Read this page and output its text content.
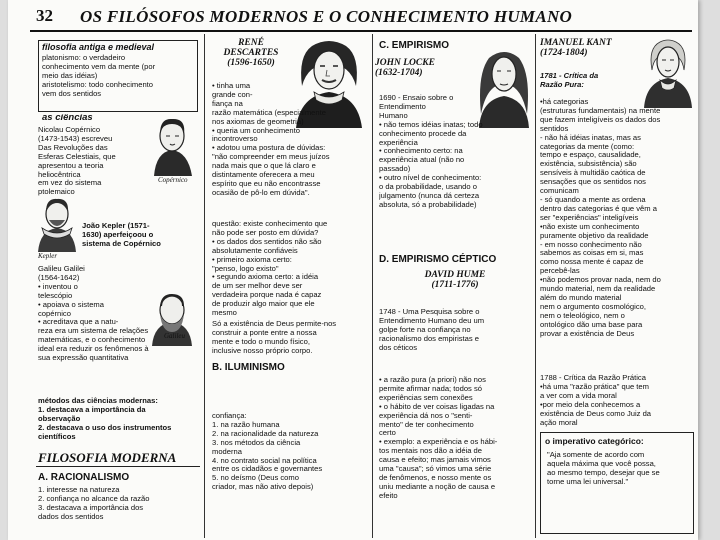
32 OS FILÓSOFOS MODERNOS E O CONHECIMENTO HUMANO
filosofia antiga e medieval
platonismo: o verdadeiro
conhecimento vem da mente (por
meio das idéias)
aristotelismo: todo conhecimento
vem dos sentidos
as ciências
Nicolau Copérnico
(1473-1543) escreveu
Das Revoluções das
Esferas Celestiais, que
apresentou a teoria
heliocêntrica
em vez do sistema
ptolemaico
Copérnico
Kepler
João Kepler (1571-
1630) aperfeiçoou o
sistema de Copérnico
Galileu Galilei
(1564-1642)
• inventou o
telescópio
• apoiava o sistema
copérnico
• acreditava que a natu-
reza era um sistema de relações
matemáticas, e o conhecimento
ideal era reduzir os fenômenos à
sua expressão quantitativa
Galileu

métodos das ciências modernas:
1. destacava a importância da
observação
2. destacava o uso dos instrumentos
científicos

FILOSOFIA MODERNA
A. RACIONALISMO
1. interesse na natureza
2. confiança no alcance da razão
3. destacava a importância dos
dados dos sentidos
RENÉ
DESCARTES
(1596-1650)
• tinha uma
grande con-
fiança na
razão matemática (especialmente
nos axiomas de geometria)
• queria um conhecimento
incontroverso
• adotou uma postura de dúvidas:
"não compreender em meus juízos
nada mais que o que lá claro e
distintamente oferecera a meu
espírito que eu não encontrasse
ocasião de pô-lo em dúvida".
questão: existe conhecimento que
não pode ser posto em dúvida?
• os dados dos sentidos não são
absolutamente confiáveis
• primeiro axioma certo:
"penso, logo existo"
• segundo axioma certo: a idéia
de um ser melhor deve ser
verdadeira porque nada é capaz
de produzir algo maior que ele
mesmo
Só a existência de Deus permite-nos
construir a ponte entre a nossa
mente e todo o mundo físico,
inclusive nosso próprio corpo.
B. ILUMINISMO
confiança:
1. na razão humana
2. na racionalidade da natureza
3. nos métodos da ciência
moderna
4. no contrato social na política
entre os cidadãos e governantes
5. no deísmo (Deus como
criador, mas não ativo depois)
C. EMPIRISMO
JOHN LOCKE
(1632-1704)
1690 - Ensaio sobre o
Entendimento
Humano
• não temos idéias inatas; todo
conhecimento procede da
experiência
• conhecimento certo: na
experiência atual (não no
passado)
• outro nível de conhecimento:
o da probabilidade, usando o
julgamento (nunca dá certeza
absoluta, só a probabilidade)
D. EMPIRISMO CÉPTICO
DAVID HUME
(1711-1776)
1748 - Uma Pesquisa sobre o
Entendimento Humano deu um
golpe forte na confiança no
racionalismo dos empiristas e
dos céticos
• a razão pura (a priori) não nos
permite afirmar nada; todos só
experiências sem conexões
• o hábito de ver coisas ligadas na
experiência dá nos o "senti-
mento" de ter conhecimento
certo
• exemplo: a experiência e os hábi-
tos mentais nos dão a idéia de
causa e efeito; mas jamais vimos
uma "causa"; só vimos uma série
de fenômenos, e nosso mente os
uniu mediante a noção de causa e
efeito
IMANUEL KANT
(1724-1804)
1781 - Crítica da
Razão Pura:
•há categorias
(estruturas fundamentais) na mente
que fazem inteligíveis os dados dos
sentidos
- não há idéias inatas, mas as
categorias da mente (como:
tempo e espaço, causalidade,
existência, subsistência) são
sensíveis à multidão caótica de
sensações que os sentidos nos
comunicam
- só quando a mente as ordena
dentro das categorias é que vêm a
ser "experiências" inteligíveis
•não existe um conhecimento
puramente objetivo da realidade
- em nosso conhecimento não
sabemos as coisas em si, mas
como nossa mente é capaz de
percebê-las
•não podemos provar nada, nem do
mundo material, nem da realidade
além do mundo material
nem o argumento cosmológico,
nem o teleológico, nem o
ontológico dão uma base para
provar a existência de Deus
1788 - Crítica da Razão Prática
•há uma "razão prática" que tem
a ver com a vida moral
•por meio dela conhecemos a
existência de Deus como Juiz da
ação moral
o imperativo categórico:
"Aja somente de acordo com
aquela máxima que você possa,
ao mesmo tempo, desejar que se
torne uma lei universal."
